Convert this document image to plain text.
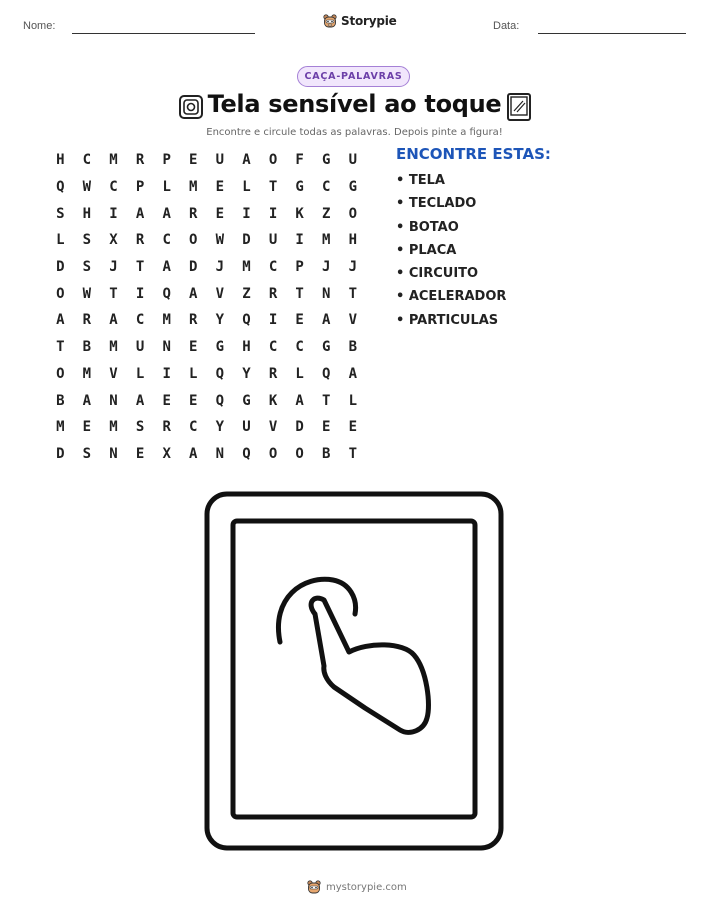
Nome:	Storypie	Data:
CAÇA-PALAVRAS
Tela sensível ao toque
Encontre e circule todas as palavras. Depois pinte a figura!
H	C	M	R	P	E	U	A	O	F	G	U
Q	W	C	P	L	M	E	L	T	G	C	G
S	H	I	A	A	R	E	I	I	K	Z	O
L	S	X	R	C	O	W	D	U	I	M	H
D	S	J	T	A	D	J	M	C	P	J	J
O	W	T	I	Q	A	V	Z	R	T	N	T
A	R	A	C	M	R	Y	Q	I	E	A	V
T	B	M	U	N	E	G	H	C	C	G	B
O	M	V	L	I	L	Q	Y	R	L	Q	A
B	A	N	A	E	E	Q	G	K	A	T	L
M	E	M	S	R	C	Y	U	V	D	E	E
D	S	N	E	X	A	N	Q	O	O	B	T
ENCONTRE ESTAS:
• TELA
• TECLADO
• BOTAO
• PLACA
• CIRCUITO
• ACELERADOR
• PARTICULAS
mystorypie.com
